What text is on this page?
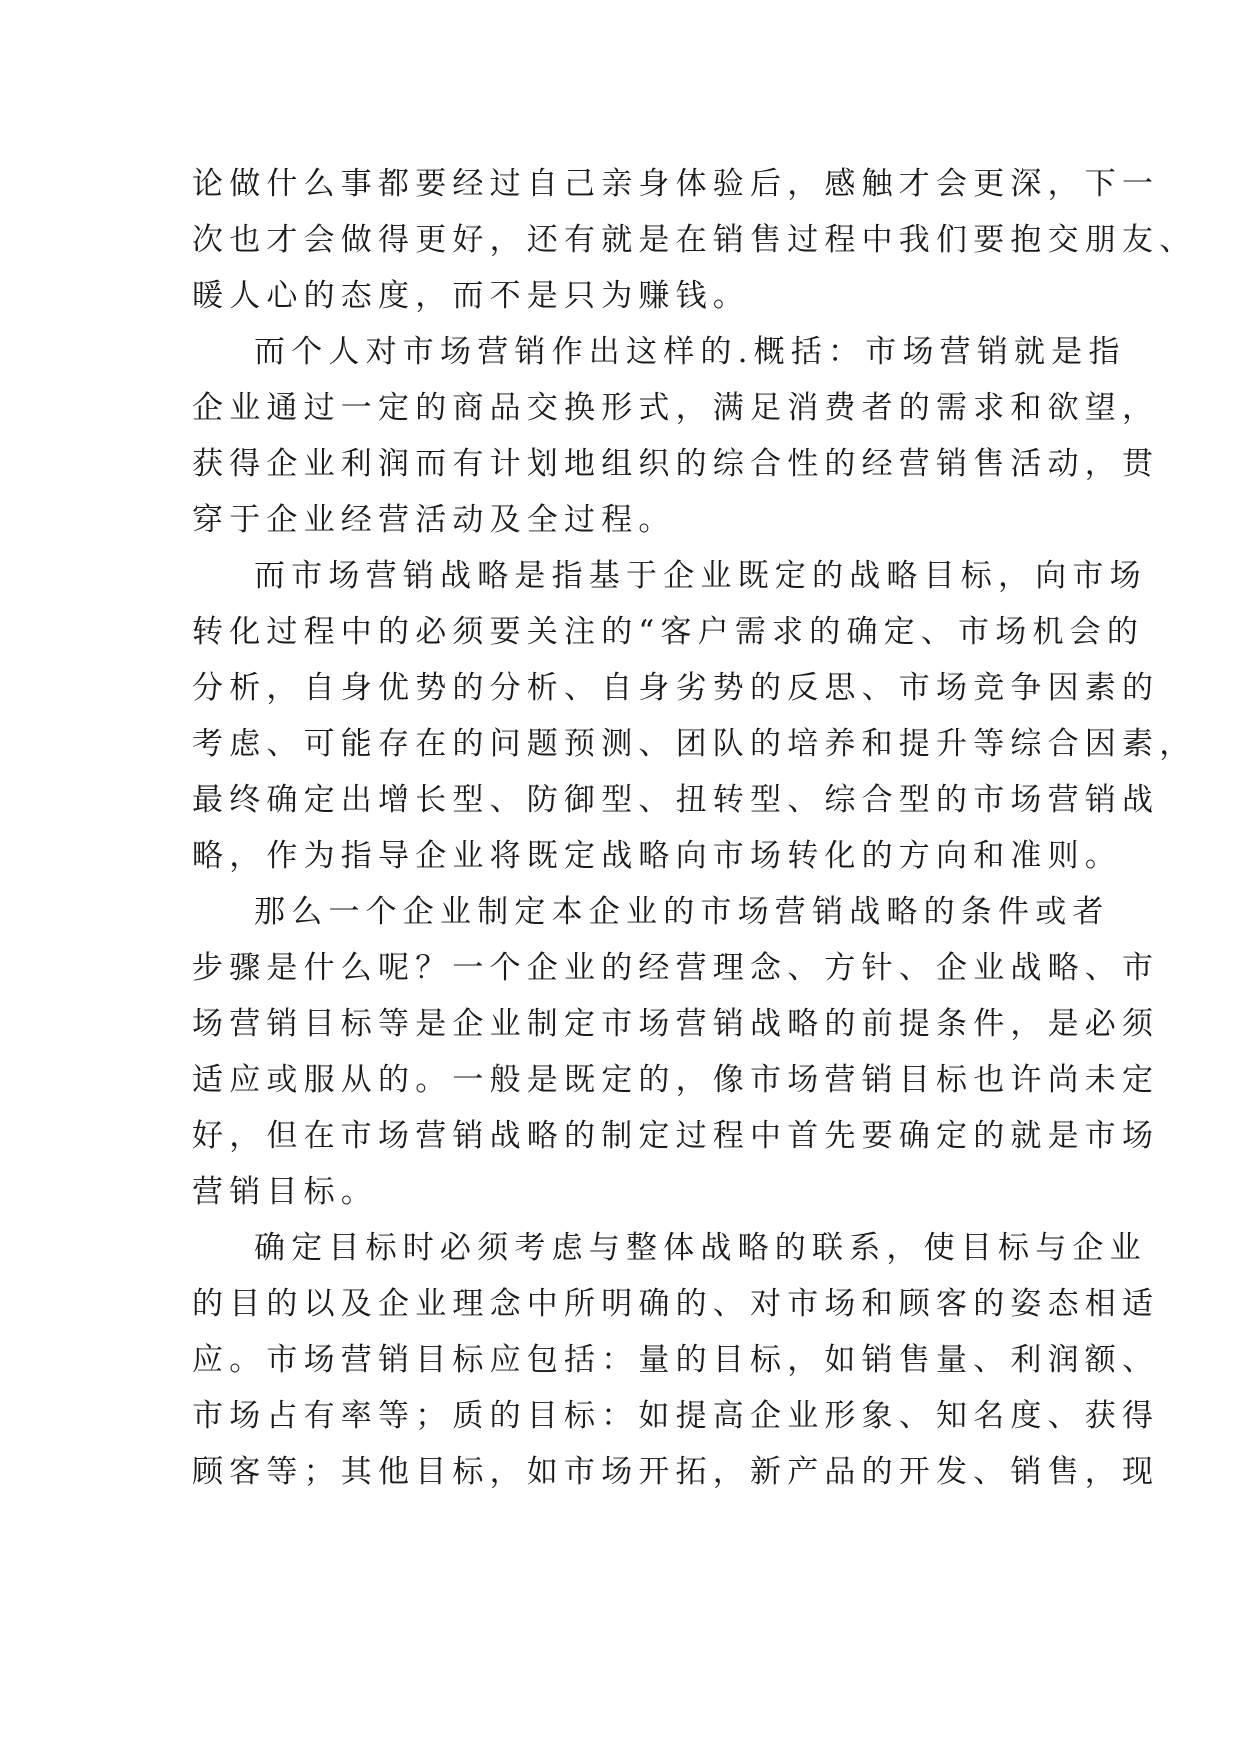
论做什么事都要经过自己亲身体验后，感触才会更深，下一
次也才会做得更好，还有就是在销售过程中我们要抱交朋友、
暖人心的态度，而不是只为赚钱。
而个人对市场营销作出这样的.概括：市场营销就是指
企业通过一定的商品交换形式，满足消费者的需求和欲望，
获得企业利润而有计划地组织的综合性的经营销售活动，贯
穿于企业经营活动及全过程。
而市场营销战略是指基于企业既定的战略目标，向市场
转化过程中的必须要关注的“客户需求的确定、市场机会的
分析，自身优势的分析、自身劣势的反思、市场竞争因素的
考虑、可能存在的问题预测、团队的培养和提升等综合因素，
最终确定出增长型、防御型、扭转型、综合型的市场营销战
略，作为指导企业将既定战略向市场转化的方向和准则。
那么一个企业制定本企业的市场营销战略的条件或者
步骤是什么呢？一个企业的经营理念、方针、企业战略、市
场营销目标等是企业制定市场营销战略的前提条件，是必须
适应或服从的。一般是既定的，像市场营销目标也许尚未定
好，但在市场营销战略的制定过程中首先要确定的就是市场
营销目标。
确定目标时必须考虑与整体战略的联系，使目标与企业
的目的以及企业理念中所明确的、对市场和顾客的姿态相适
应。市场营销目标应包括：量的目标，如销售量、利润额、
市场占有率等；质的目标：如提高企业形象、知名度、获得
顾客等；其他目标，如市场开拓，新产品的开发、销售，现
